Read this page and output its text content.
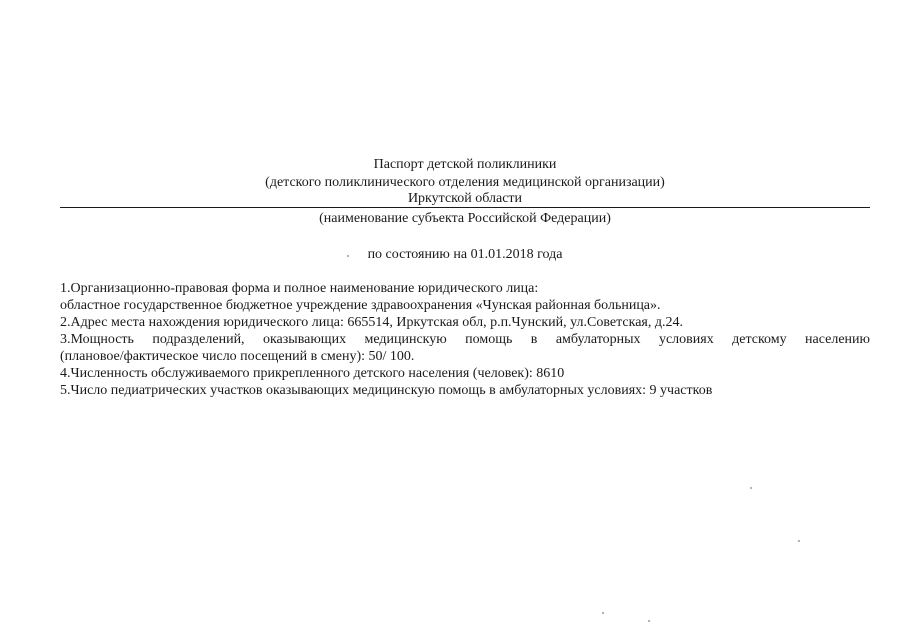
Паспорт детской поликлиники
(детского поликлинического отделения медицинской организации)
Иркутской области
(наименование субъекта Российской Федерации)
по состоянию на 01.01.2018 года
1.Организационно-правовая форма и полное наименование юридического лица:
областное государственное бюджетное учреждение здравоохранения «Чунская районная больница».
2.Адрес места нахождения юридического лица: 665514, Иркутская обл, р.п.Чунский, ул.Советская, д.24.
3.Мощность подразделений, оказывающих медицинскую помощь в амбулаторных условиях детскому населению
(плановое/фактическое число посещений в смену): 50/ 100.
4.Численность обслуживаемого прикрепленного детского населения (человек): 8610
5.Число педиатрических участков оказывающих медицинскую помощь в амбулаторных условиях: 9 участков
